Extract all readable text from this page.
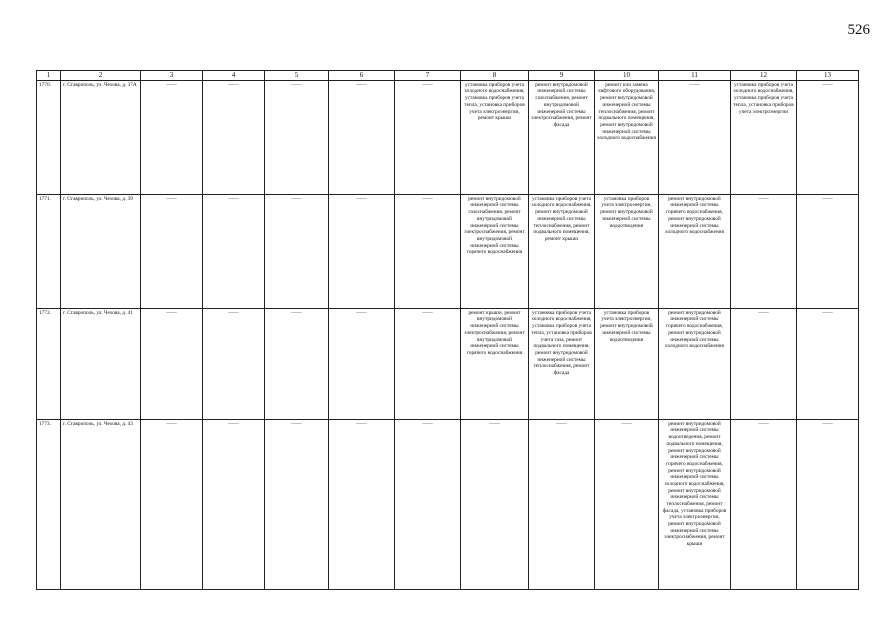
526
1	2	3	4	5	6	7	8	9	10	11	12	13
1770.	г. Ставрополь, ул. Чехова, д. 37А	——	——	——	——	——	установка приборов учета холодного водоснабжения, установка приборов учета тепла, установка приборов учета электроэнергии, ремонт крыши	ремонт внутридомовой инженерной системы газоснабжения, ремонт внутридомовой инженерной системы электроснабжения, ремонт фасада	ремонт или замена лифтового оборудования, ремонт внутридомовой инженерной системы теплоснабжения, ремонт подвального помещения, ремонт внутридомовой инженерной системы холодного водоснабжения	——	установка приборов учета холодного водоснабжения, установка приборов учета тепла, установка приборов учета электроэнергии	——
1771.	г. Ставрополь, ул. Чехова, д. 39	——	——	——	——	——	ремонт внутридомовой инженерной системы газоснабжения, ремонт внутридомовой инженерной системы электроснабжения, ремонт внутридомовой инженерной системы горячего водоснабжения	установка приборов учета холодного водоснабжения, ремонт внутридомовой инженерной системы теплоснабжения, ремонт подвального помещения, ремонт крыши	установка приборов учета электроэнергии, ремонт внутридомовой инженерной системы водоотведения	ремонт внутридомовой инженерной системы горячего водоснабжения, ремонт внутридомовой инженерной системы холодного водоснабжения	——	——
1772.	г. Ставрополь, ул. Чехова, д. 41	——	——	——	——	——	ремонт крыши, ремонт внутридомовой инженерной системы электроснабжения, ремонт внутридомовой инженерной системы горячего водоснабжения	установка приборов учета холодного водоснабжения, установка приборов учета тепла, установка приборов учета газа, ремонт подвального помещения, ремонт внутридомовой инженерной системы теплоснабжения, ремонт фасада	установка приборов учета электроэнергии, ремонт внутридомовой инженерной системы водоотведения	ремонт внутридомовой инженерной системы горячего водоснабжения, ремонт внутридомовой инженерной системы холодного водоснабжения	——	——
1773.	г. Ставрополь, ул. Чехова, д. 43	——	——	——	——	——	——	——	——	ремонт внутридомовой инженерной системы водоотведения, ремонт подвального помещения, ремонт внутридомовой инженерной системы горячего водоснабжения, ремонт внутридомовой инженерной системы холодного водоснабжения, ремонт внутридомовой инженерной системы теплоснабжения, ремонт фасада, установка приборов учета электроэнергии, ремонт внутридомовой инженерной системы электроснабжения, ремонт крыши	——	——
